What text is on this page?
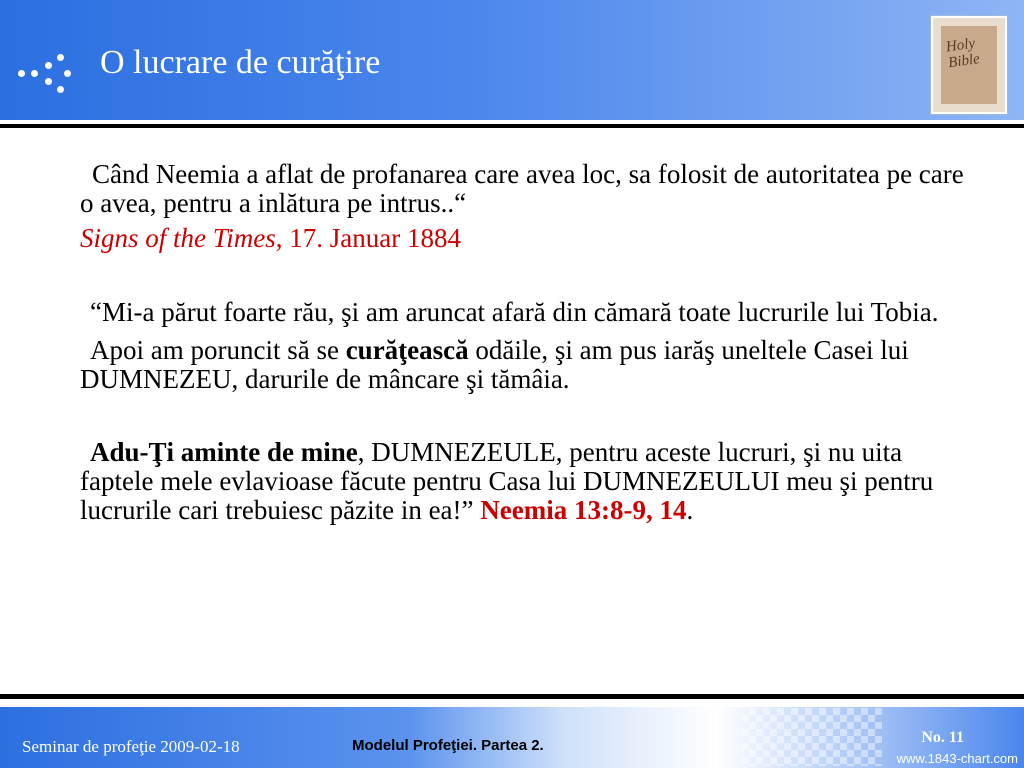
O lucrare de curăţire	Holy Bible

Când Neemia a aflat de profanarea care avea loc, sa folosit de autoritatea pe care o avea, pentru a inlătura pe intrus..“

Signs of the Times, 17. Januar 1884

“Mi-a părut foarte rău, şi am aruncat afară din cămară toate lucrurile lui Tobia.

Apoi am poruncit să se curăţească odăile, şi am pus iarăş uneltele Casei lui DUMNEZEU, darurile de mâncare şi tămâia.

Adu-Ţi aminte de mine, DUMNEZEULE, pentru aceste lucruri, şi nu uita faptele mele evlavioase făcute pentru Casa lui DUMNEZEULUI meu şi pentru lucrurile cari trebuiesc păzite in ea!” Neemia 13:8-9, 14.

Seminar de profeţie 2009-02-18	Modelul Profeţiei. Partea 2.	No. 11
www.1843-chart.com
